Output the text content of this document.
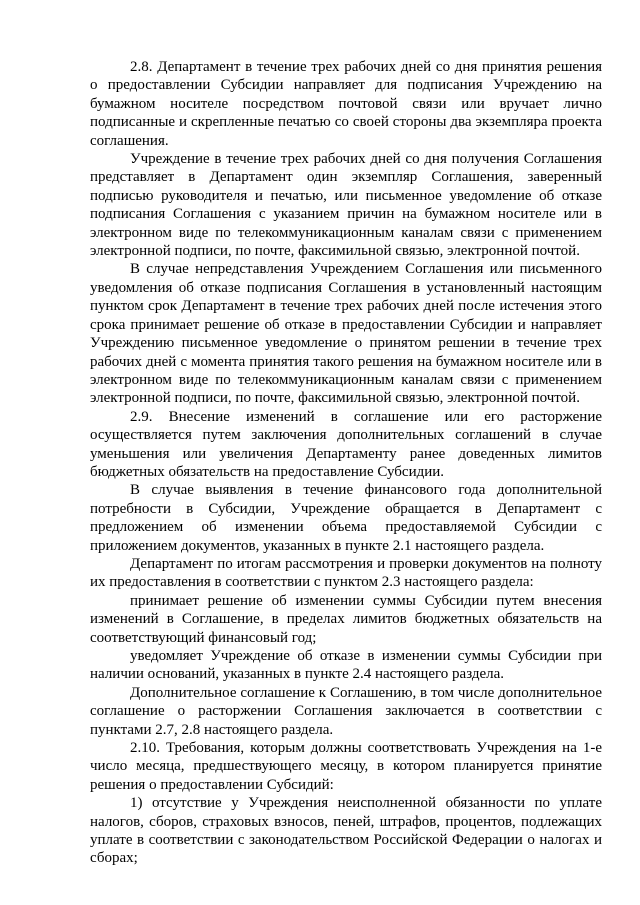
2.8. Департамент в течение трех рабочих дней со дня принятия решения о предоставлении Субсидии направляет для подписания Учреждению на бумажном носителе посредством почтовой связи или вручает лично подписанные и скрепленные печатью со своей стороны два экземпляра проекта соглашения.

Учреждение в течение трех рабочих дней со дня получения Соглашения представляет в Департамент один экземпляр Соглашения, заверенный подписью руководителя и печатью, или письменное уведомление об отказе подписания Соглашения с указанием причин на бумажном носителе или в электронном виде по телекоммуникационным каналам связи с применением электронной подписи, по почте, факсимильной связью, электронной почтой.

В случае непредставления Учреждением Соглашения или письменного уведомления об отказе подписания Соглашения в установленный настоящим пунктом срок Департамент в течение трех рабочих дней после истечения этого срока принимает решение об отказе в предоставлении Субсидии и направляет Учреждению письменное уведомление о принятом решении в течение трех рабочих дней с момента принятия такого решения на бумажном носителе или в электронном виде по телекоммуникационным каналам связи с применением электронной подписи, по почте, факсимильной связью, электронной почтой.

2.9. Внесение изменений в соглашение или его расторжение осуществляется путем заключения дополнительных соглашений в случае уменьшения или увеличения Департаменту ранее доведенных лимитов бюджетных обязательств на предоставление Субсидии.

В случае выявления в течение финансового года дополнительной потребности в Субсидии, Учреждение обращается в Департамент с предложением об изменении объема предоставляемой Субсидии с приложением документов, указанных в пункте 2.1 настоящего раздела.

Департамент по итогам рассмотрения и проверки документов на полноту их предоставления в соответствии с пунктом 2.3 настоящего раздела:

принимает решение об изменении суммы Субсидии путем внесения изменений в Соглашение, в пределах лимитов бюджетных обязательств на соответствующий финансовый год;

уведомляет Учреждение об отказе в изменении суммы Субсидии при наличии оснований, указанных в пункте 2.4 настоящего раздела.

Дополнительное соглашение к Соглашению, в том числе дополнительное соглашение о расторжении Соглашения заключается в соответствии с пунктами 2.7, 2.8 настоящего раздела.

2.10. Требования, которым должны соответствовать Учреждения на 1-е число месяца, предшествующего месяцу, в котором планируется принятие решения о предоставлении Субсидий:

1) отсутствие у Учреждения неисполненной обязанности по уплате налогов, сборов, страховых взносов, пеней, штрафов, процентов, подлежащих уплате в соответствии с законодательством Российской Федерации о налогах и сборах;
